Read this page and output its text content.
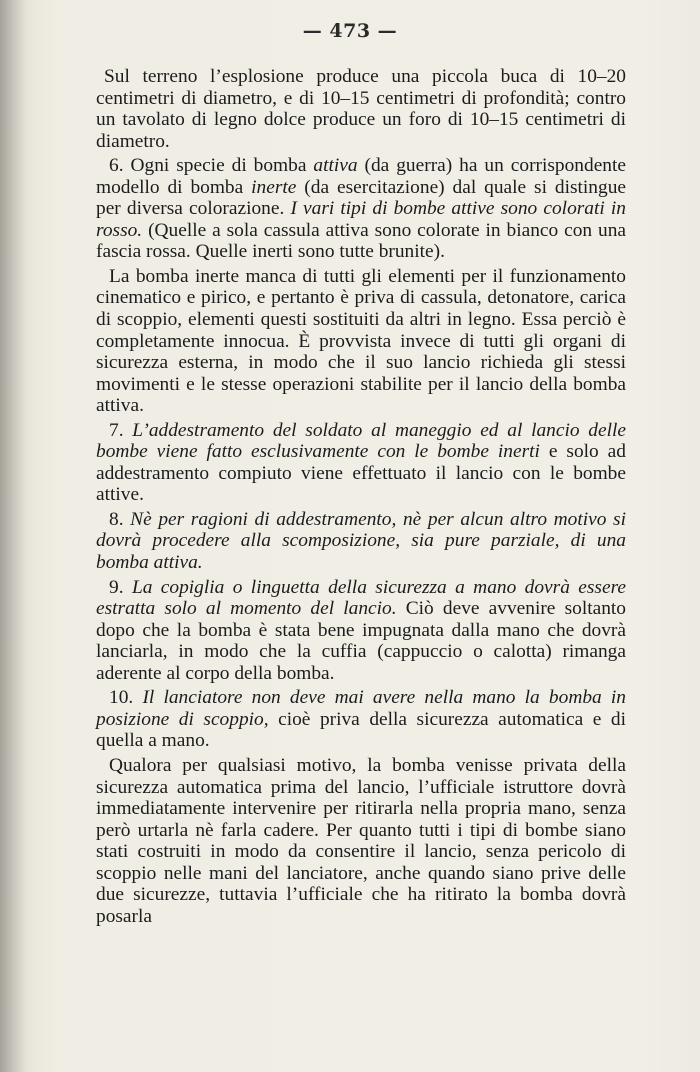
— 473 —

Sul terreno l’esplosione produce una piccola buca di 10–20 centimetri di diametro, e di 10–15 centimetri di profondità; contro un tavolato di legno dolce produce un foro di 10–15 centimetri di diametro.

6. Ogni specie di bomba attiva (da guerra) ha un corrispondente modello di bomba inerte (da esercitazione) dal quale si distingue per diversa colorazione. I vari tipi di bombe attive sono colorati in rosso. (Quelle a sola cassula attiva sono colorate in bianco con una fascia rossa. Quelle inerti sono tutte brunite).

La bomba inerte manca di tutti gli elementi per il funzionamento cinematico e pirico, e pertanto è priva di cassula, detonatore, carica di scoppio, elementi questi sostituiti da altri in legno. Essa perciò è completamente innocua. È provvista invece di tutti gli organi di sicurezza esterna, in modo che il suo lancio richieda gli stessi movimenti e le stesse operazioni stabilite per il lancio della bomba attiva.

7. L’addestramento del soldato al maneggio ed al lancio delle bombe viene fatto esclusivamente con le bombe inerti e solo ad addestramento compiuto viene effettuato il lancio con le bombe attive.

8. Nè per ragioni di addestramento, nè per alcun altro motivo si dovrà procedere alla scomposizione, sia pure parziale, di una bomba attiva.

9. La copiglia o linguetta della sicurezza a mano dovrà essere estratta solo al momento del lancio. Ciò deve avvenire soltanto dopo che la bomba è stata bene impugnata dalla mano che dovrà lanciarla, in modo che la cuffia (cappuccio o calotta) rimanga aderente al corpo della bomba.

10. Il lanciatore non deve mai avere nella mano la bomba in posizione di scoppio, cioè priva della sicurezza automatica e di quella a mano.

Qualora per qualsiasi motivo, la bomba venisse privata della sicurezza automatica prima del lancio, l’ufficiale istruttore dovrà immediatamente intervenire per ritirarla nella propria mano, senza però urtarla nè farla cadere. Per quanto tutti i tipi di bombe siano stati costruiti in modo da consentire il lancio, senza pericolo di scoppio nelle mani del lanciatore, anche quando siano prive delle due sicurezze, tuttavia l’ufficiale che ha ritirato la bomba dovrà posarla
